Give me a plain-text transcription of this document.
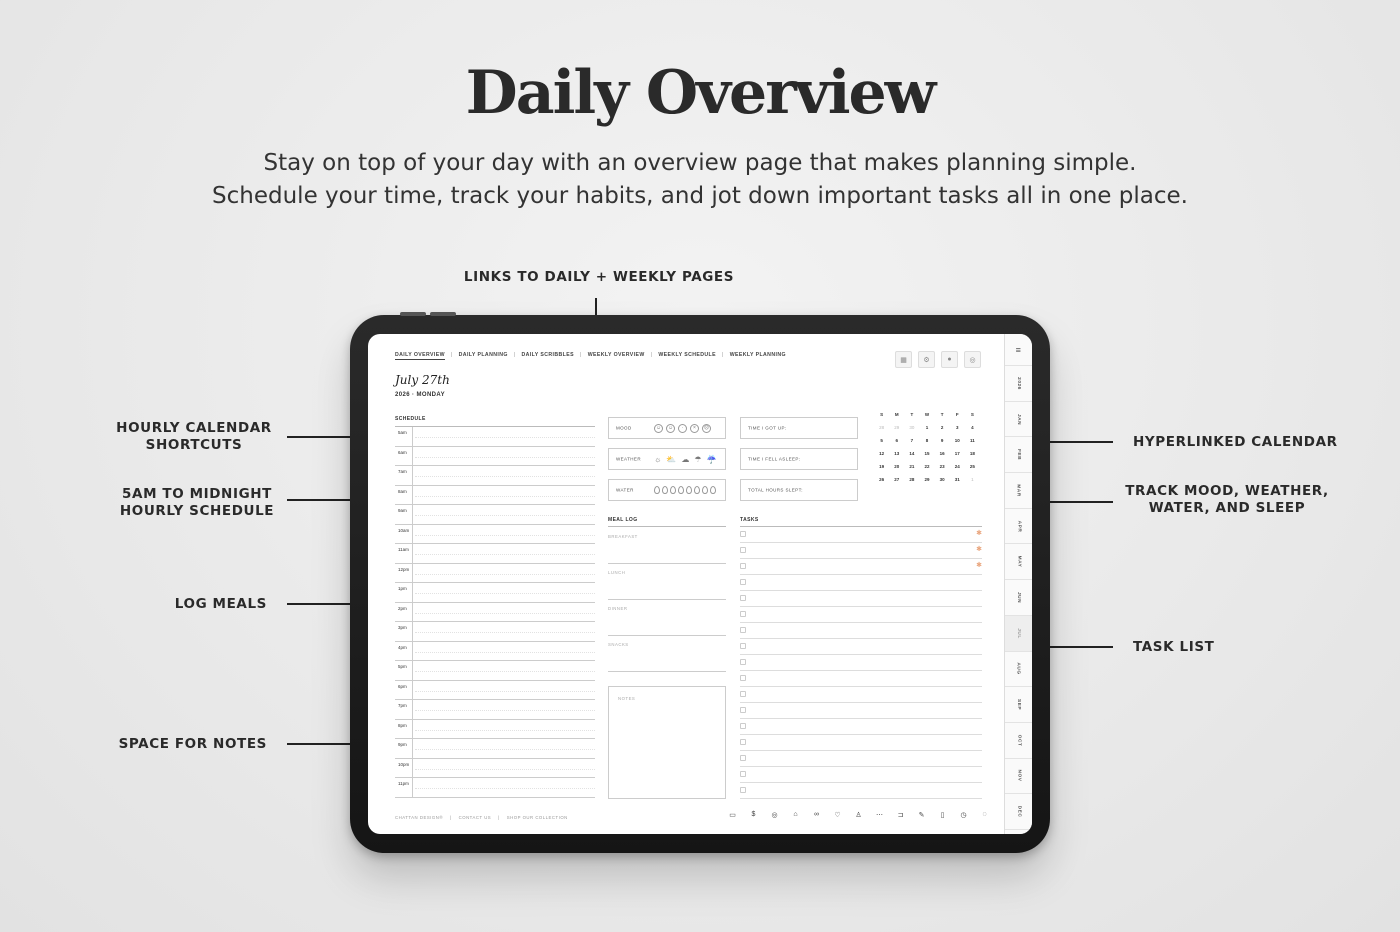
Daily Overview
Stay on top of your day with an overview page that makes planning simple.
Schedule your time, track your habits, and jot down important tasks all in one place.
LINKS TO DAILY + WEEKLY PAGES
HOURLY CALENDAR
SHORTCUTS
5AM TO MIDNIGHT
HOURLY SCHEDULE
LOG MEALS
SPACE FOR NOTES
HYPERLINKED CALENDAR
TRACK MOOD, WEATHER,
WATER, AND SLEEP
TASK LIST
DAILY OVERVIEW | DAILY PLANNING | DAILY SCRIBBLES | WEEKLY OVERVIEW | WEEKLY SCHEDULE | WEEKLY PLANNING
▦	⚙	●	◎
July 27th
2026 · MONDAY
SCHEDULE
5am
6am
7am
8am
9am
10am
11am
12pm
1pm
2pm
3pm
4pm
5pm
6pm
7pm
8pm
9pm
10pm
11pm
MOOD	☺	☺	·	×	☹
WEATHER ☼ ⛅ ☁ ☂ ☔
WATER
TIME I GOT UP:
TIME I FELL ASLEEP:
TOTAL HOURS SLEPT:
S	M	T	W	T	F	S
28	29	30	1	2	3	4
5	6	7	8	9	10	11
12	13	14	15	16	17	18
19	20	21	22	23	24	25
26	27	28	29	30	31	1
MEAL LOG
BREAKFAST
LUNCH
DINNER
SNACKS
NOTES
TASKS
✱
✱
✱
≡
2026
JAN
FEB
MAR
APR
MAY
JUN
JUL
AUG
SEP
OCT
NOV
DEC
CHATTAN DESIGN® | CONTACT US | SHOP OUR COLLECTION	▭	$	◎	⌂	∞	♡	♙	⋯	⊐	✎	▯	◷	◌
